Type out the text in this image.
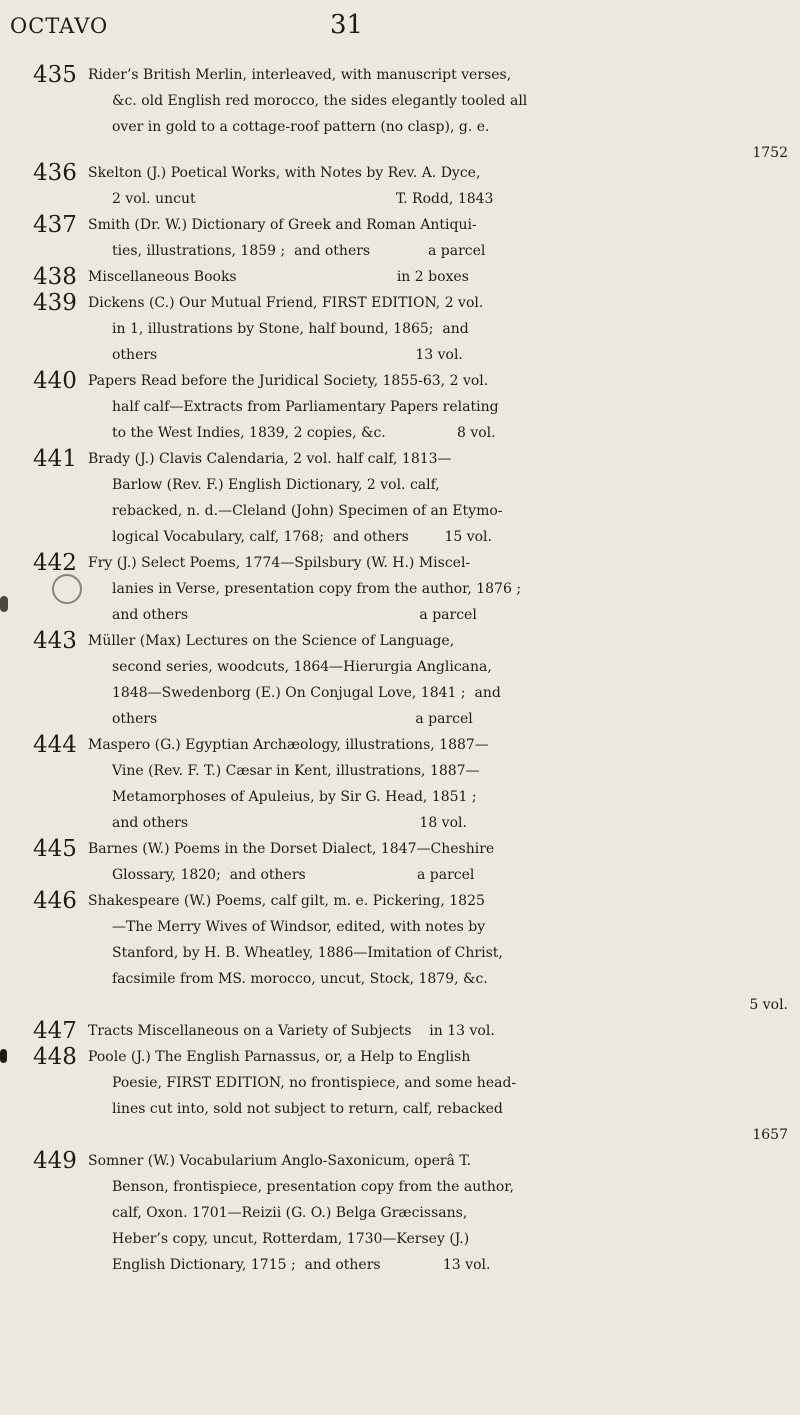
OCTAVO	31
435 Rider’s British Merlin, interleaved, with manuscript verses,
&c. old English red morocco, the sides elegantly tooled all
over in gold to a cottage-roof pattern (no clasp), g. e.
1752
436 Skelton (J.) Poetical Works, with Notes by Rev. A. Dyce,
2 vol. uncut                                             T. Rodd, 1843
437 Smith (Dr. W.) Dictionary of Greek and Roman Antiqui-
ties, illustrations, 1859 ;  and others             a parcel
438 Miscellaneous Books                                    in 2 boxes
439 Dickens (C.) Our Mutual Friend, FIRST EDITION, 2 vol.
in 1, illustrations by Stone, half bound, 1865;  and
others                                                          13 vol.
440 Papers Read before the Juridical Society, 1855-63, 2 vol.
half calf—Extracts from Parliamentary Papers relating
to the West Indies, 1839, 2 copies, &c.                8 vol.
441 Brady (J.) Clavis Calendaria, 2 vol. half calf, 1813—
Barlow (Rev. F.) English Dictionary, 2 vol. calf,
rebacked, n. d.—Cleland (John) Specimen of an Etymo-
logical Vocabulary, calf, 1768;  and others        15 vol.
442 Fry (J.) Select Poems, 1774—Spilsbury (W. H.) Miscel-
lanies in Verse, presentation copy from the author, 1876 ;
and others                                                    a parcel
443 Müller (Max) Lectures on the Science of Language,
second series, woodcuts, 1864—Hierurgia Anglicana,
1848—Swedenborg (E.) On Conjugal Love, 1841 ;  and
others                                                          a parcel
444 Maspero (G.) Egyptian Archæology, illustrations, 1887—
Vine (Rev. F. T.) Cæsar in Kent, illustrations, 1887—
Metamorphoses of Apuleius, by Sir G. Head, 1851 ;
and others                                                    18 vol.
445 Barnes (W.) Poems in the Dorset Dialect, 1847—Cheshire
Glossary, 1820;  and others                         a parcel
446 Shakespeare (W.) Poems, calf gilt, m. e. Pickering, 1825
—The Merry Wives of Windsor, edited, with notes by
Stanford, by H. B. Wheatley, 1886—Imitation of Christ,
facsimile from MS. morocco, uncut, Stock, 1879, &c.
5 vol.
447 Tracts Miscellaneous on a Variety of Subjects    in 13 vol.
448 Poole (J.) The English Parnassus, or, a Help to English
Poesie, FIRST EDITION, no frontispiece, and some head-
lines cut into, sold not subject to return, calf, rebacked
1657
449 Somner (W.) Vocabularium Anglo-Saxonicum, operâ T.
Benson, frontispiece, presentation copy from the author,
calf, Oxon. 1701—Reizii (G. O.) Belga Græcissans,
Heber’s copy, uncut, Rotterdam, 1730—Kersey (J.)
English Dictionary, 1715 ;  and others              13 vol.
